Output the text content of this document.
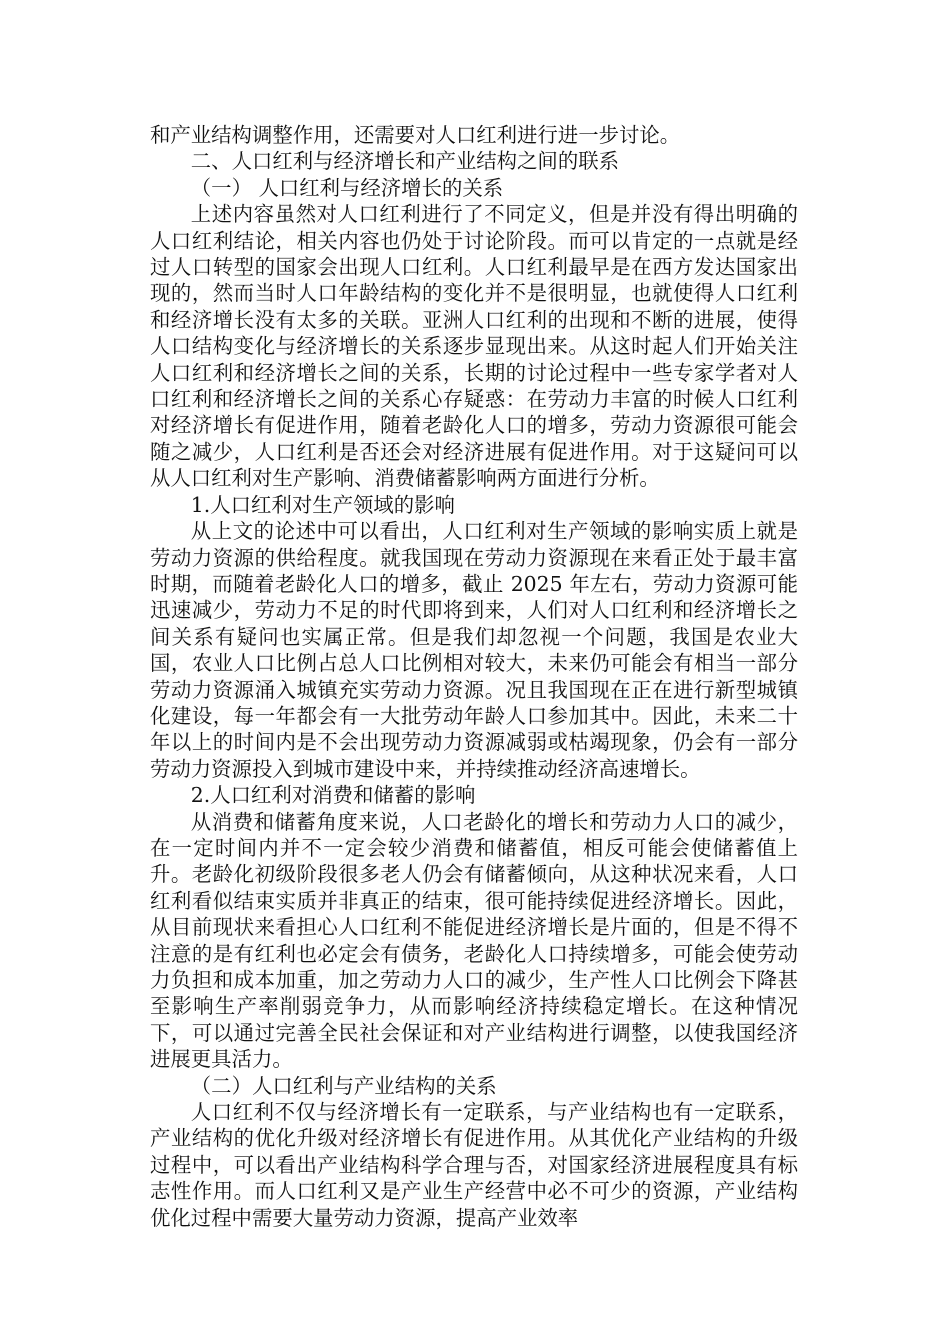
和产业结构调整作用，还需要对人口红利进行进一步讨论。

二、人口红利与经济增长和产业结构之间的联系

（一） 人口红利与经济增长的关系

上述内容虽然对人口红利进行了不同定义，但是并没有得出明确的人口红利结论，相关内容也仍处于讨论阶段。而可以肯定的一点就是经过人口转型的国家会出现人口红利。人口红利最早是在西方发达国家出现的，然而当时人口年龄结构的变化并不是很明显，也就使得人口红利和经济增长没有太多的关联。亚洲人口红利的出现和不断的进展，使得人口结构变化与经济增长的关系逐步显现出来。从这时起人们开始关注人口红利和经济增长之间的关系，长期的讨论过程中一些专家学者对人口红利和经济增长之间的关系心存疑惑：在劳动力丰富的时候人口红利对经济增长有促进作用，随着老龄化人口的增多，劳动力资源很可能会随之减少，人口红利是否还会对经济进展有促进作用。对于这疑问可以从人口红利对生产影响、消费储蓄影响两方面进行分析。

1.人口红利对生产领域的影响

从上文的论述中可以看出，人口红利对生产领域的影响实质上就是劳动力资源的供给程度。就我国现在劳动力资源现在来看正处于最丰富时期，而随着老龄化人口的增多，截止 2025 年左右，劳动力资源可能迅速减少，劳动力不足的时代即将到来，人们对人口红利和经济增长之间关系有疑问也实属正常。但是我们却忽视一个问题，我国是农业大国，农业人口比例占总人口比例相对较大，未来仍可能会有相当一部分劳动力资源涌入城镇充实劳动力资源。况且我国现在正在进行新型城镇化建设，每一年都会有一大批劳动年龄人口参加其中。因此，未来二十年以上的时间内是不会出现劳动力资源减弱或枯竭现象，仍会有一部分劳动力资源投入到城市建设中来，并持续推动经济高速增长。

2.人口红利对消费和储蓄的影响

从消费和储蓄角度来说，人口老龄化的增长和劳动力人口的减少，在一定时间内并不一定会较少消费和储蓄值，相反可能会使储蓄值上升。老龄化初级阶段很多老人仍会有储蓄倾向，从这种状况来看，人口红利看似结束实质并非真正的结束，很可能持续促进经济增长。因此，从目前现状来看担心人口红利不能促进经济增长是片面的，但是不得不注意的是有红利也必定会有债务，老龄化人口持续增多，可能会使劳动力负担和成本加重，加之劳动力人口的减少，生产性人口比例会下降甚至影响生产率削弱竞争力，从而影响经济持续稳定增长。在这种情况下，可以通过完善全民社会保证和对产业结构进行调整，以使我国经济进展更具活力。

（二）人口红利与产业结构的关系

人口红利不仅与经济增长有一定联系，与产业结构也有一定联系，产业结构的优化升级对经济增长有促进作用。从其优化产业结构的升级过程中，可以看出产业结构科学合理与否，对国家经济进展程度具有标志性作用。而人口红利又是产业生产经营中必不可少的资源，产业结构优化过程中需要大量劳动力资源，提高产业效率
